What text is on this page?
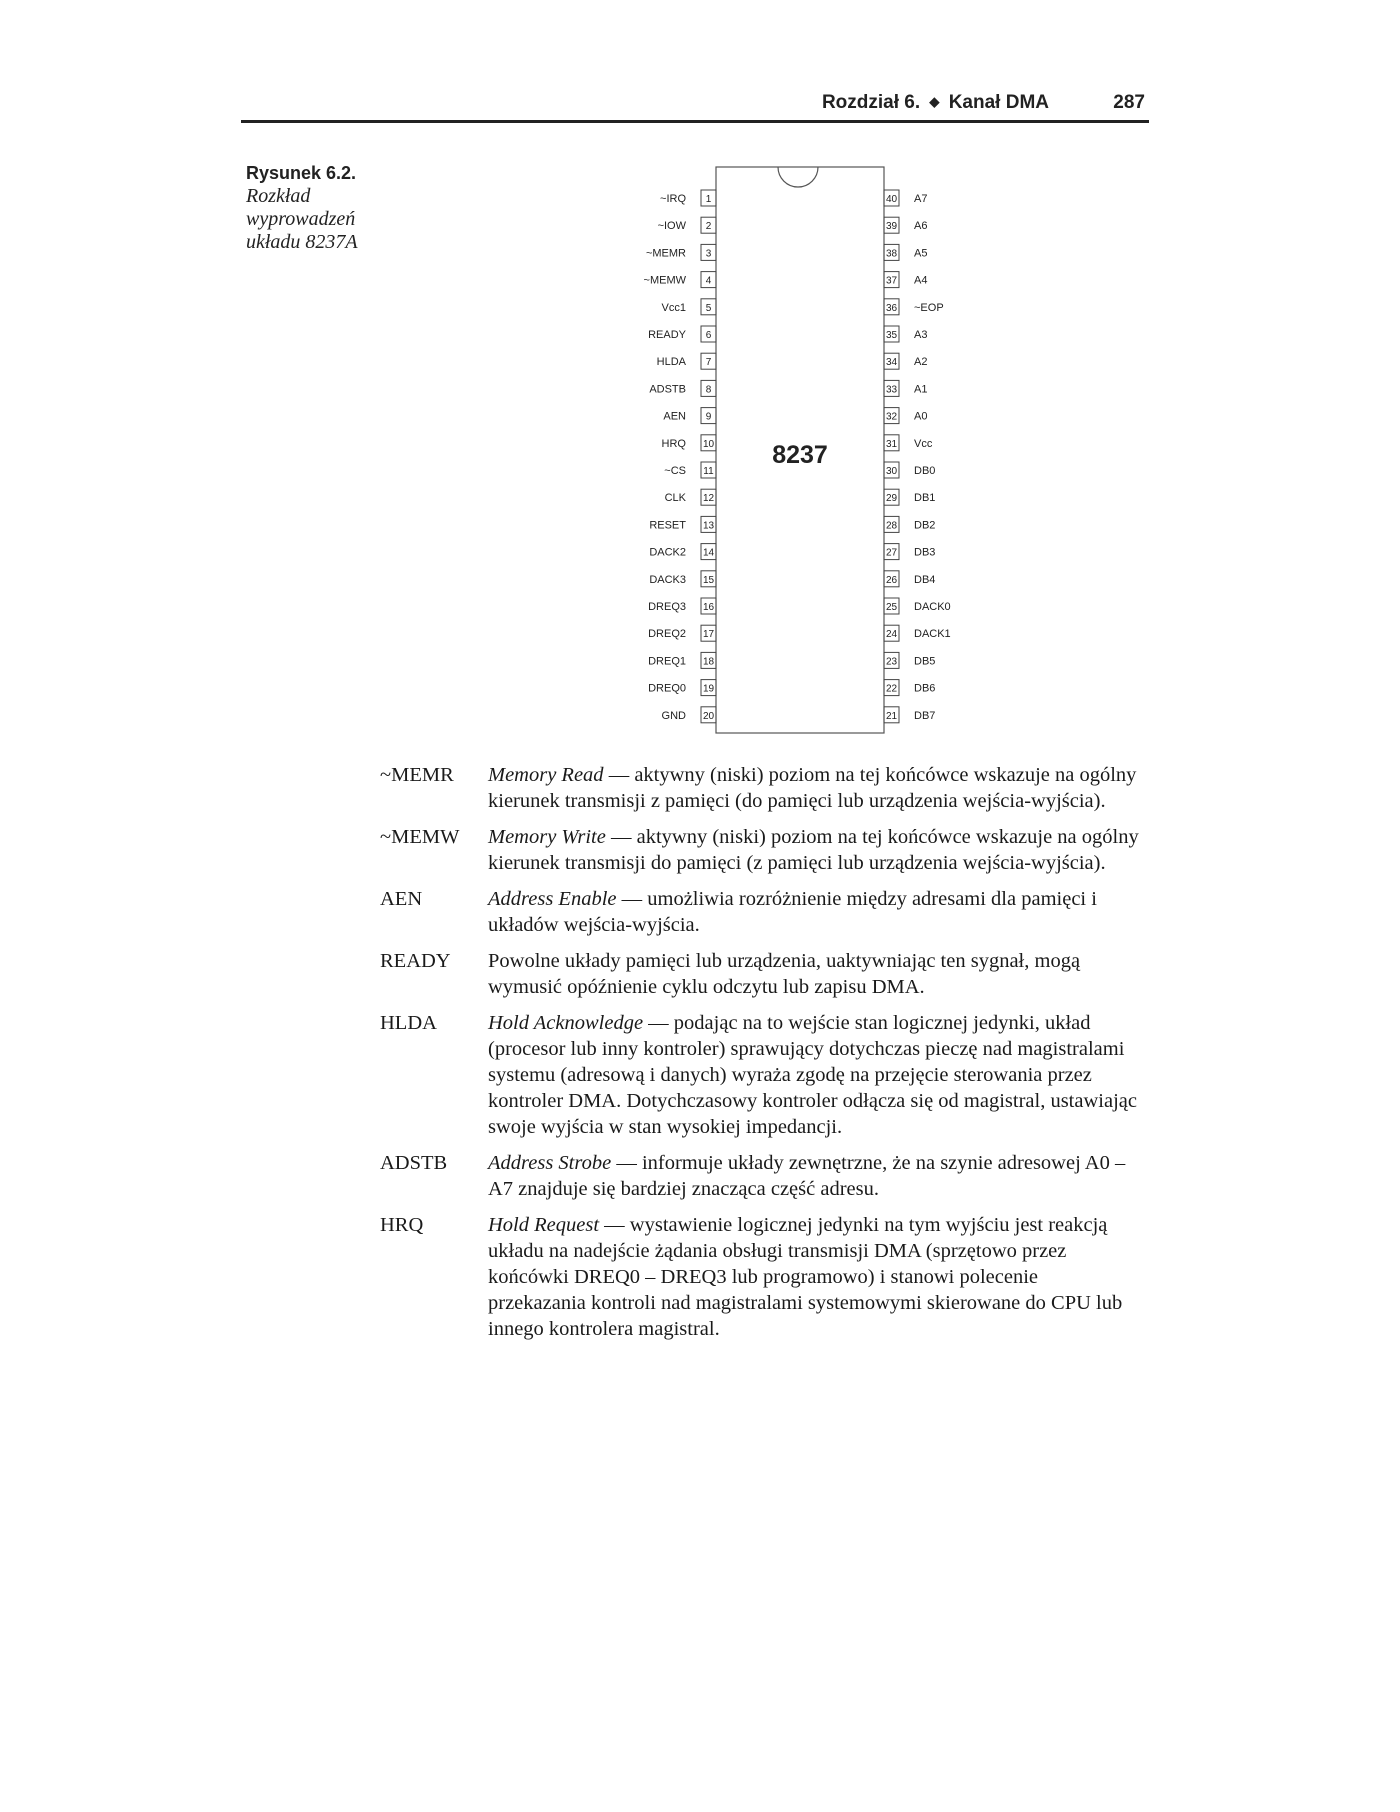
Rozdział 6. ◆ Kanał DMA	287
Rysunek 6.2.
Rozkład wyprowadzeń układu 8237A
8237
1
~IRQ
2
~IOW
3
~MEMR
4
~MEMW
5
Vcc1
6
READY
7
HLDA
8
ADSTB
9
AEN
10
HRQ
11
~CS
12
CLK
13
RESET
14
DACK2
15
DACK3
16
DREQ3
17
DREQ2
18
DREQ1
19
DREQ0
20
GND
40 A7
39 A6
38 A5
37 A4
36 ~EOP
35 A3
34 A2
33 A1
32 A0
31 Vcc
30 DB0
29 DB1
28 DB2
27 DB3
26 DB4
25 DACK0
24 DACK1
23 DB5
22 DB6
21 DB7
~MEMR	Memory Read — aktywny (niski) poziom na tej końcówce wskazuje na ogólny kierunek transmisji z pamięci (do pamięci lub urządzenia wejścia-wyjścia).
~MEMW	Memory Write — aktywny (niski) poziom na tej końcówce wskazuje na ogólny kierunek transmisji do pamięci (z pamięci lub urządzenia wejścia-wyjścia).
AEN	Address Enable — umożliwia rozróżnienie między adresami dla pamięci i układów wejścia-wyjścia.
READY	Powolne układy pamięci lub urządzenia, uaktywniając ten sygnał, mogą wymusić opóźnienie cyklu odczytu lub zapisu DMA.
HLDA	Hold Acknowledge — podając na to wejście stan logicznej jedynki, układ (procesor lub inny kontroler) sprawujący dotychczas pieczę nad magistralami systemu (adresową i danych) wyraża zgodę na przejęcie sterowania przez kontroler DMA. Dotychczasowy kontroler odłącza się od magistral, ustawiając swoje wyjścia w stan wysokiej impedancji.
ADSTB	Address Strobe — informuje układy zewnętrzne, że na szynie adresowej A0 – A7 znajduje się bardziej znacząca część adresu.
HRQ	Hold Request — wystawienie logicznej jedynki na tym wyjściu jest reakcją układu na nadejście żądania obsługi transmisji DMA (sprzętowo przez końcówki DREQ0 – DREQ3 lub programowo) i stanowi polecenie przekazania kontroli nad magistralami systemowymi skierowane do CPU lub innego kontrolera magistral.
